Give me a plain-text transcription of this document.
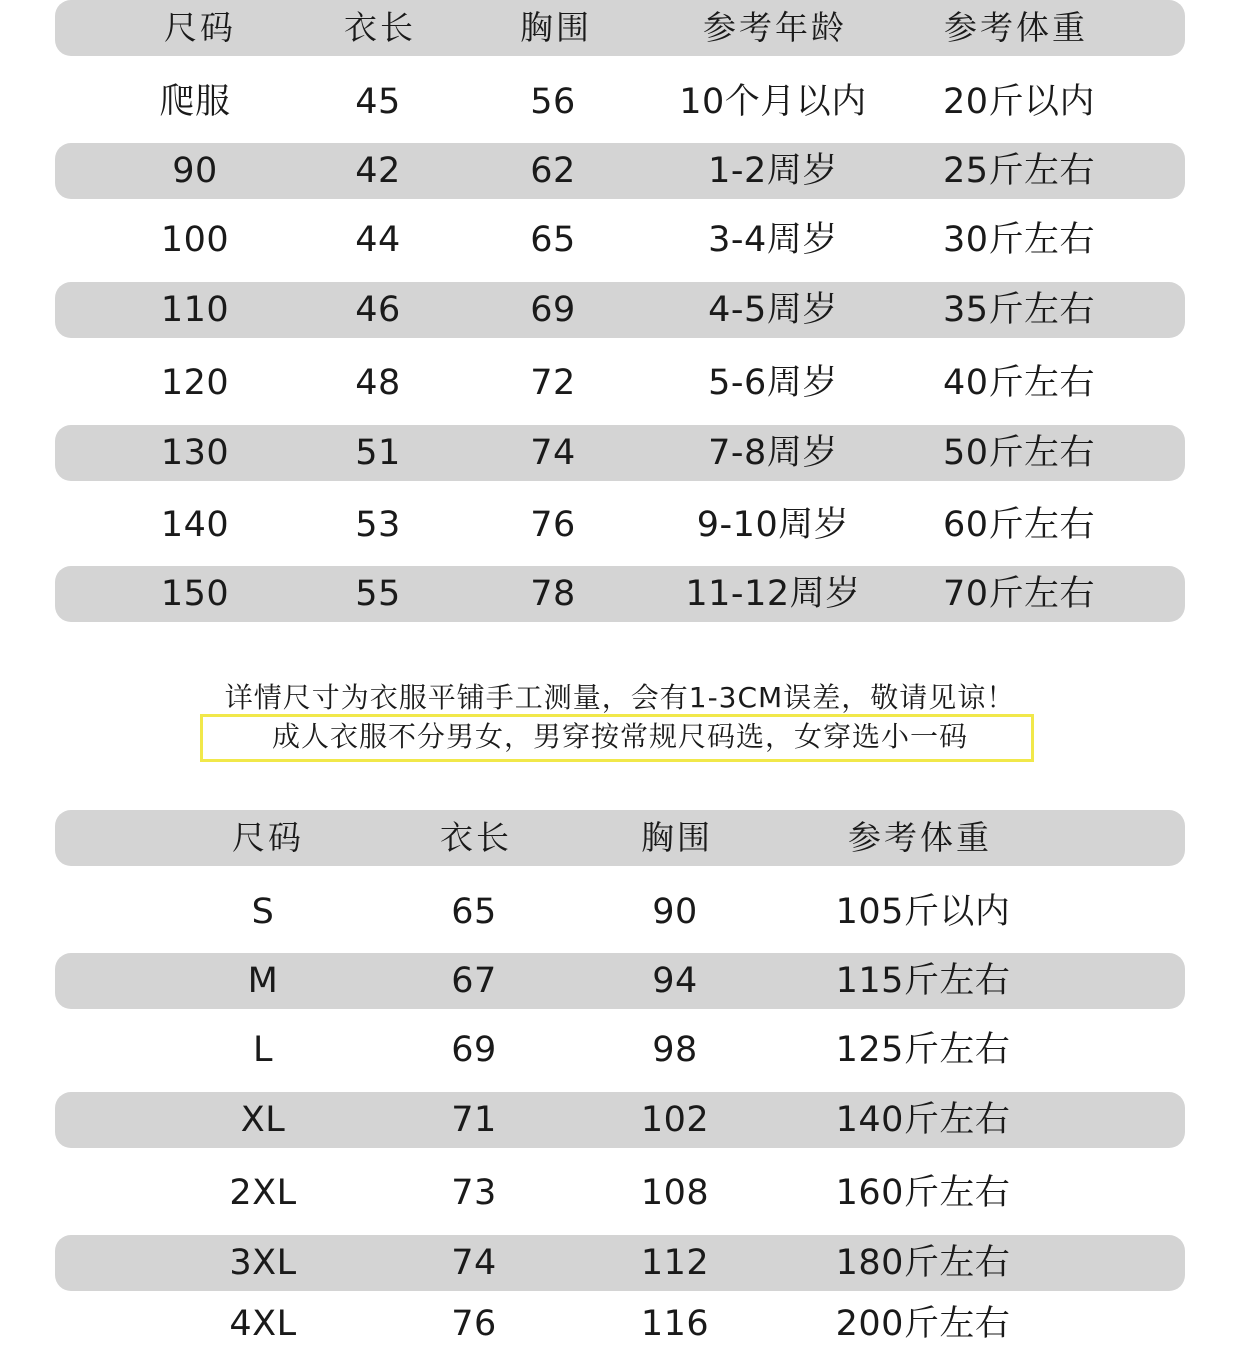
尺码	衣长	胸围	参考年龄	参考体重
爬服	45	56	10个月以内 20斤以内
90	42	62	1-2周岁	25斤左右
100	44	65	3-4周岁	30斤左右
110	46	69	4-5周岁	35斤左右
120	48	72	5-6周岁	40斤左右
130	51	74	7-8周岁	50斤左右
140	53	76	9-10周岁	60斤左右
150	55	78	11-12周岁 70斤左右
详情尺寸为衣服平铺手工测量，会有1-3CM误差，敬请见谅！
成人衣服不分男女，男穿按常规尺码选，女穿选小一码
尺码	衣长	胸围	参考体重
S	65	90	105斤以内
M	67	94	115斤左右
L	69	98	125斤左右
XL	71	102	140斤左右
2XL	73	108	160斤左右
3XL	74	112	180斤左右
4XL	76	116	200斤左右
